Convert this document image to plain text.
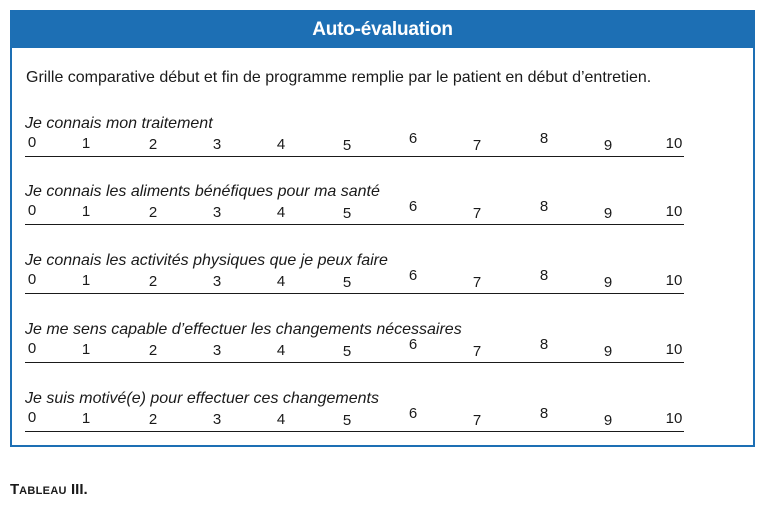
Auto-évaluation
Grille comparative début et fin de programme remplie par le patient en début d’entretien.
Je connais mon traitement
0	1	2	3	4	5	6	7	8	9	10
Je connais les aliments bénéfiques pour ma santé
0	1	2	3	4	5	6	7	8	9	10
Je connais les activités physiques que je peux faire
0	1	2	3	4	5	6	7	8	9	10
Je me sens capable d’effectuer les changements nécessaires
0	1	2	3	4	5	6	7	8	9	10
Je suis motivé(e) pour effectuer ces changements
0	1	2	3	4	5	6	7	8	9	10
TABLEAU III.
